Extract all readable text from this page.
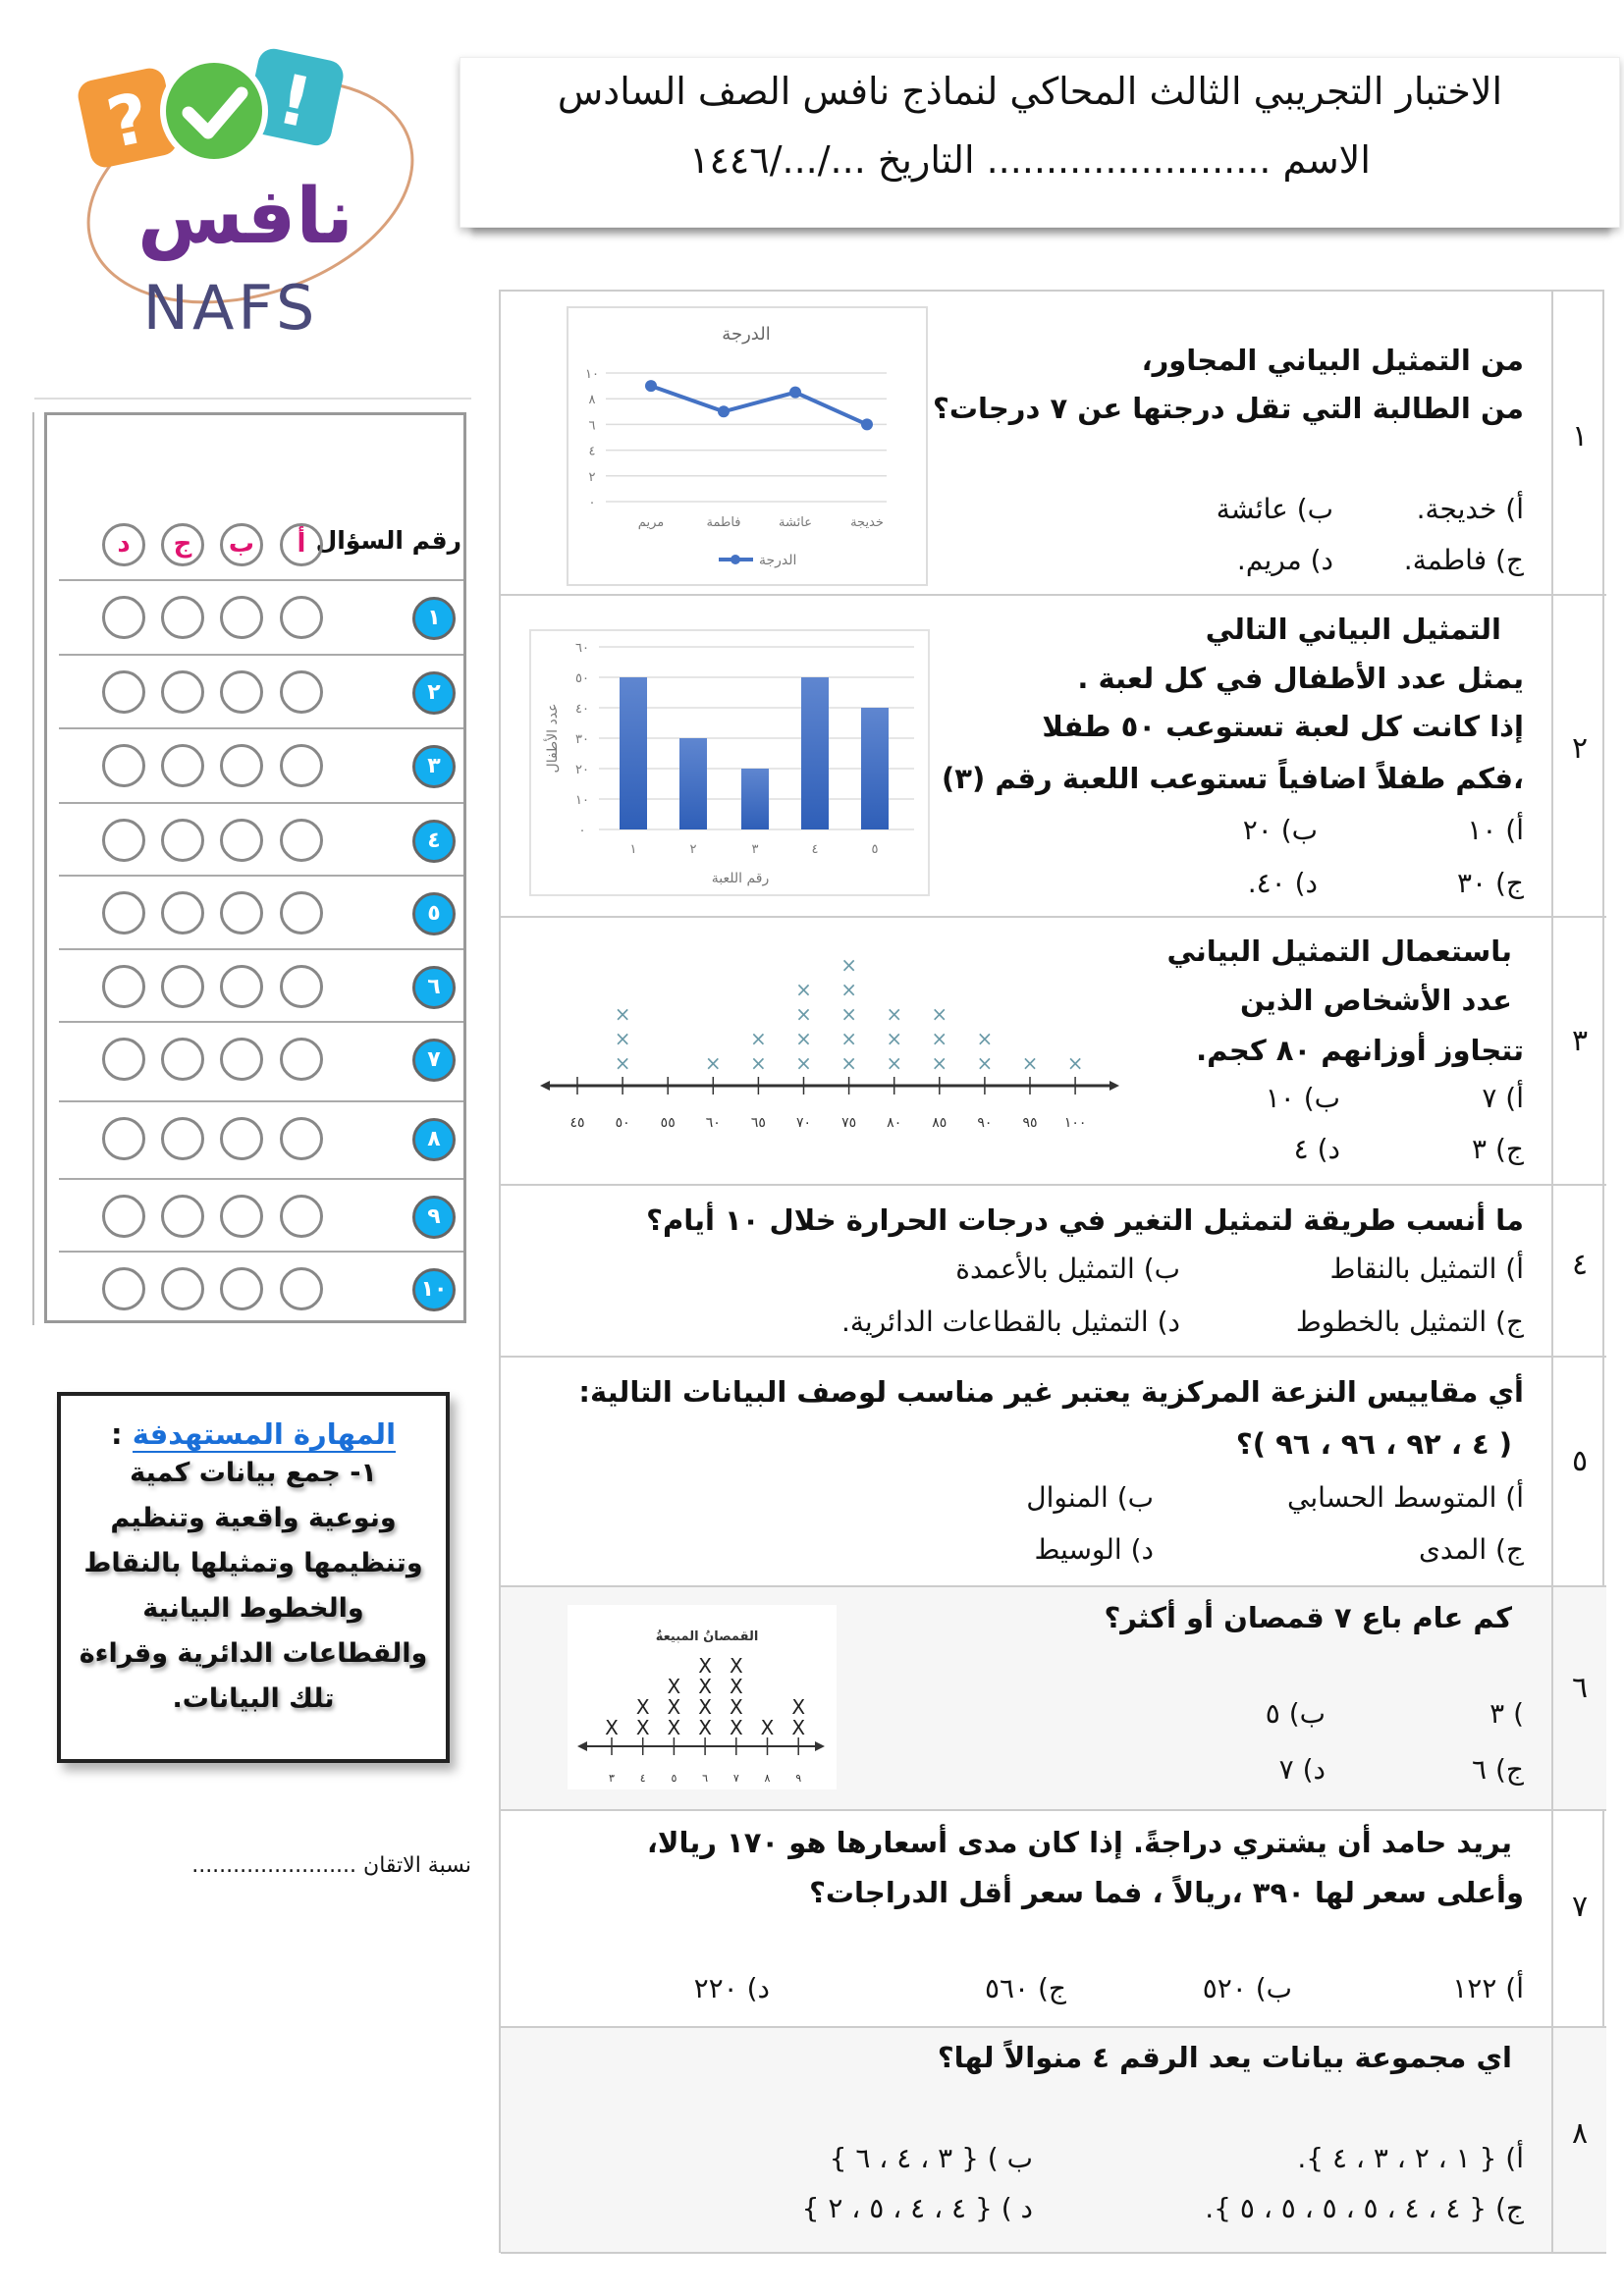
الاختبار التجريبي الثالث المحاكي لنماذج نافس الصف السادس
الاسم ........................ التاريخ .../.../١٤٤٦
? !
نافس
NAFS
رقم السؤال
أ
ب
ج
د
١
٢
٣
٤
٥
٦
٧
٨
٩
١٠
المهارة المستهدفة :
١- جمع بيانات كمية
ونوعية واقعية وتنظيم
وتنظيمها وتمثيلها بالنقاط
والخطوط البيانية
والقطاعات الدائرية وقراءة
تلك البيانات.
نسبة الاتقان ........................
١
من التمثيل البياني المجاور،
من الطالبة التي تقل درجتها عن ٧ درجات؟
أ) خديجة.
ب) عائشة
ج) فاطمة.
د) مريم.
٢
التمثيل البياني التالي
يمثل عدد الأطفال في كل لعبة .
إذا كانت كل لعبة تستوعب ٥٠ طفلا
،فكم طفلاً اضافياً تستوعب اللعبة رقم (٣)
أ) ١٠
ب) ٢٠
ج) ٣٠
د) ٤٠.
٣
باستعمال التمثيل البياني
عدد الأشخاص الذين
تتجاوز أوزانهم ٨٠ كجم.
أ) ٧
ب) ١٠
ج) ٣
د) ٤
٤
ما أنسب طريقة لتمثيل التغير في درجات الحرارة خلال ١٠ أيام؟
أ) التمثيل بالنقاط
ب) التمثيل بالأعمدة
ج) التمثيل بالخطوط
د) التمثيل بالقطاعات الدائرية.
٥
أي مقاييس النزعة المركزية يعتبر غير مناسب لوصف البيانات التالية:
( ٤ ، ٩٢ ، ٩٦ ، ٩٦ )؟
أ) المتوسط الحسابي
ب) المنوال
ج) المدى
د) الوسيط
٦
كم عام باع ٧ قمصان أو أكثر؟
) ٣
ب) ٥
ج) ٦
د) ٧
٧
يريد حامد أن يشتري دراجةً. إذا كان مدى أسعارها هو ١٧٠ ريالا،
وأعلى سعر لها ٣٩٠ ،ريالاً ، فما سعر أقل الدراجات؟
أ) ١٢٢
ب) ٥٢٠
ج) ٥٦٠
د) ٢٢٠
٨
اي مجموعة بيانات يعد الرقم ٤ منوالاً لها؟
أ) { ١ ، ٢ ، ٣ ، ٤ }.
ب ) { ٣ ، ٤ ، ٦ }
ج) { ٤ ، ٤ ، ٥ ، ٥ ، ٥ ، ٥ }.
د ) { ٤ ، ٤ ، ٥ ، ٢ }
الدرجة
٠
٢
٤
٦
٨
١٠
مريم	فاطمة	عائشة	خديجة
الدرجة
٠
١٠
٢٠
٣٠
٤٠
٥٠
٦٠
١	٢	٣	٤	٥
رقم اللعبة
عدد الأطفال
٤٥ ٥٠
×
×
×
٥٥ ٦٠
×
٦٥
×
×
٧٠
×
×
×
×
٧٥
×
×
×
×
×
٨٠
×
×
×
٨٥
×
×
×
٩٠
×
×
٩٥
×
١٠٠
×
القمصانُ المبيعةُ
٣
X
٤
X
X
٥
X
X
X
٦
X
X
X
X
٧
X
X
X
X
٨
X
٩
X
X
